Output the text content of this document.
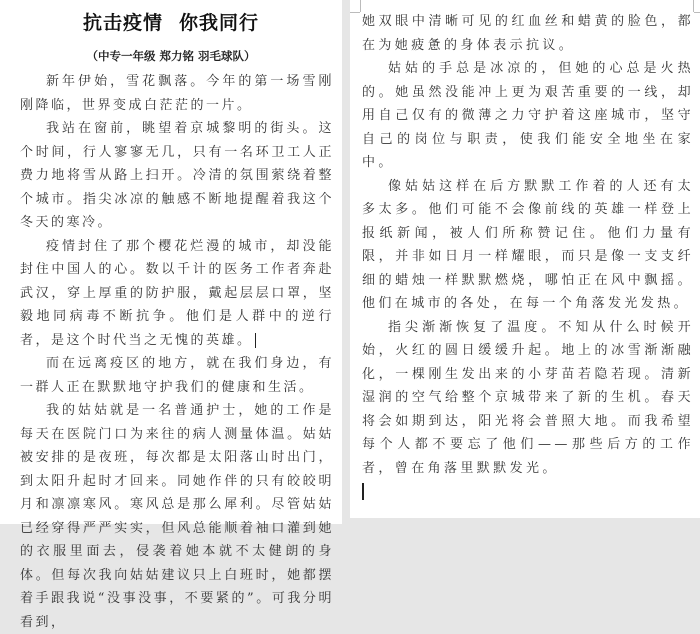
抗击疫情 你我同行
（中专一年级 郑力铭 羽毛球队）

新年伊始，雪花飘落。今年的第一场雪刚刚降临，世界变成白茫茫的一片。

我站在窗前，眺望着京城黎明的街头。这个时间，行人寥寥无几，只有一名环卫工人正费力地将雪从路上扫开。冷清的氛围萦绕着整个城市。指尖冰凉的触感不断地提醒着我这个冬天的寒冷。

疫情封住了那个樱花烂漫的城市，却没能封住中国人的心。数以千计的医务工作者奔赴武汉，穿上厚重的防护服，戴起层层口罩，坚毅地同病毒不断抗争。他们是人群中的逆行者，是这个时代当之无愧的英雄。

而在远离疫区的地方，就在我们身边，有一群人正在默默地守护我们的健康和生活。

我的姑姑就是一名普通护士，她的工作是每天在医院门口为来往的病人测量体温。姑姑被安排的是夜班，每次都是太阳落山时出门，到太阳升起时才回来。同她作伴的只有皎皎明月和凛凛寒风。寒风总是那么犀利。尽管姑姑已经穿得严严实实，但风总能顺着袖口灌到她的衣服里面去，侵袭着她本就不太健朗的身体。但每次我向姑姑建议只上白班时，她都摆着手跟我说“没事没事，不要紧的”。可我分明看到，

她双眼中清晰可见的红血丝和蜡黄的脸色，都在为她疲惫的身体表示抗议。

姑姑的手总是冰凉的，但她的心总是火热的。她虽然没能冲上更为艰苦重要的一线，却用自己仅有的微薄之力守护着这座城市，坚守自己的岗位与职责，使我们能安全地坐在家中。

像姑姑这样在后方默默工作着的人还有太多太多。他们可能不会像前线的英雄一样登上报纸新闻，被人们所称赞记住。他们力量有限，并非如日月一样耀眼，而只是像一支支纤细的蜡烛一样默默燃烧，哪怕正在风中飘摇。他们在城市的各处，在每一个角落发光发热。

指尖渐渐恢复了温度。不知从什么时候开始，火红的圆日缓缓升起。地上的冰雪渐渐融化，一棵刚生发出来的小芽苗若隐若现。清新湿润的空气给整个京城带来了新的生机。春天将会如期到达，阳光将会普照大地。而我希望每个人都不要忘了他们——那些后方的工作者，曾在角落里默默发光。
